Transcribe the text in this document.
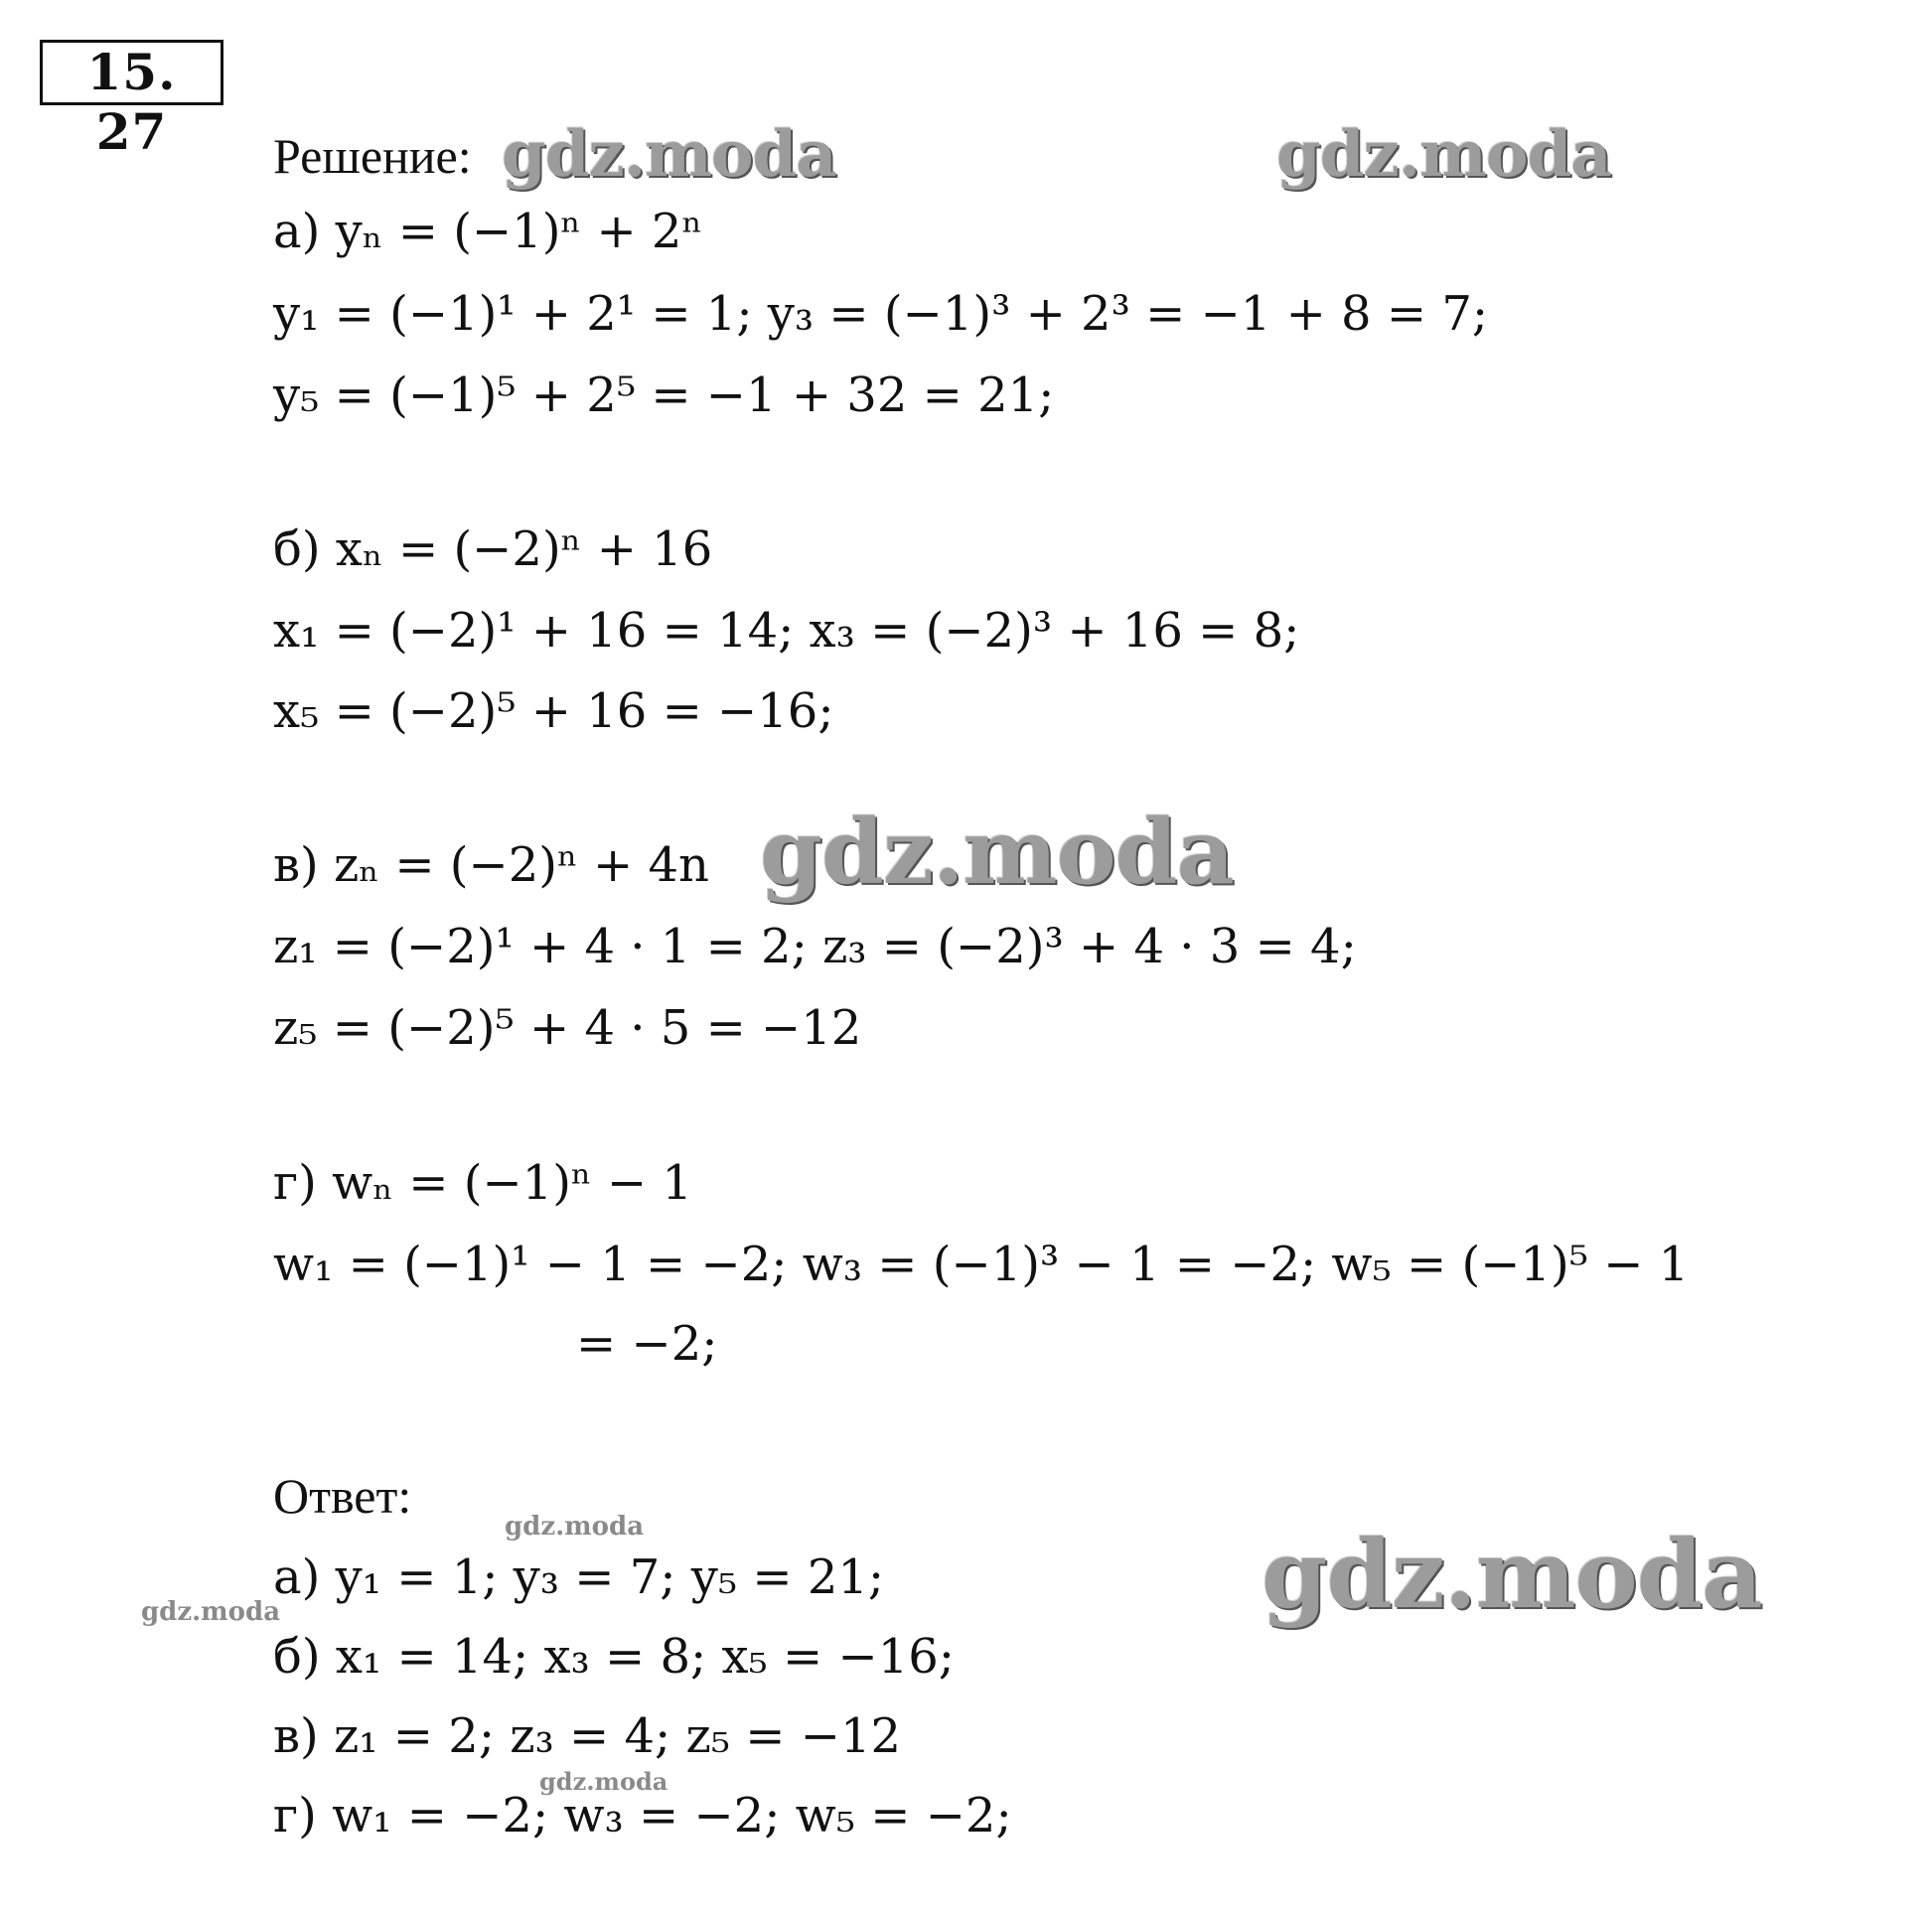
15. 27	Решение:
а) yₙ = (−1)ⁿ + 2ⁿ
y₁ = (−1)¹ + 2¹ = 1; y₃ = (−1)³ + 2³ = −1 + 8 = 7;
y₅ = (−1)⁵ + 2⁵ = −1 + 32 = 21;
б) xₙ = (−2)ⁿ + 16
x₁ = (−2)¹ + 16 = 14; x₃ = (−2)³ + 16 = 8;
x₅ = (−2)⁵ + 16 = −16;
в) zₙ = (−2)ⁿ + 4n
z₁ = (−2)¹ + 4 · 1 = 2; z₃ = (−2)³ + 4 · 3 = 4;
z₅ = (−2)⁵ + 4 · 5 = −12
г) wₙ = (−1)ⁿ − 1
w₁ = (−1)¹ − 1 = −2; w₃ = (−1)³ − 1 = −2; w₅ = (−1)⁵ − 1
= −2;
Ответ:
а) y₁ = 1; y₃ = 7; y₅ = 21;
б) x₁ = 14; x₃ = 8; x₅ = −16;
в) z₁ = 2; z₃ = 4; z₅ = −12
г) w₁ = −2; w₃ = −2; w₅ = −2;
gdz.moda	gdz.moda
gdz.moda
gdz.moda
gdz.moda
gdz.moda
gdz.moda
